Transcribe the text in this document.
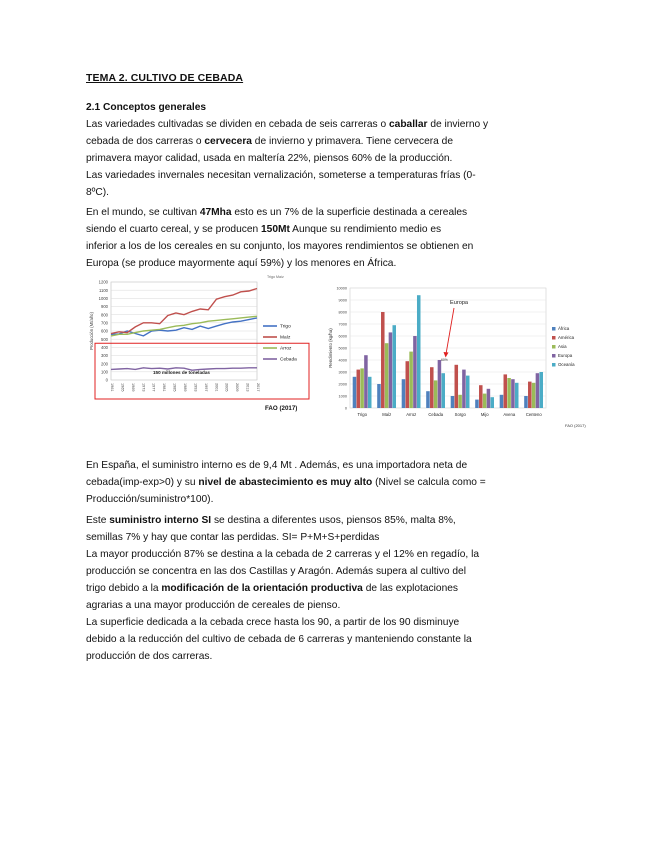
TEMA 2. CULTIVO DE CEBADA
2.1 Conceptos generales
Las variedades cultivadas se dividen en cebada de seis carreras o caballar de invierno y
cebada de dos carreras o cervecera de invierno y primavera. Tiene cervecera de
primavera mayor calidad, usada en maltería 22%, piensos 60% de la producción.
Las variedades invernales necesitan vernalización, someterse a temperaturas frías (0-
8ºC).
En el mundo, se cultivan 47Mha esto es un 7% de la superficie destinada a cereales
siendo el cuarto cereal, y se producen 150Mt Aunque su rendimiento medio es
inferior a los de los cereales en su conjunto, los mayores rendimientos se obtienen en
Europa (se produce mayormente aquí 59%) y los menores en África.
0
100
200
300
400
500
600
700
800
900
1000
1100
1200
1961 1965 1969 1973 1977 1981 1985 1989 1993 1997 2001 2005 2009 2013 2017
Producción (Mt/año)	Trigo
Maíz
Arroz
Cebada
150 millones de toneladas
FAO (2017)
Trigo Maíz
0
1000
2000
3000
4000
5000
6000
7000
8000
9000
10000
Rendimiento (kg/ha)
Trigo	Maíz	Arroz	Cebada	Sorgo	Mijo	Avena	Centeno
África
América
Asia
Europa
Oceanía
Europa
60%
FAO (2017)
En España, el suministro interno es de 9,4 Mt . Además, es una importadora neta de
cebada(imp-exp>0) y su nivel de abastecimiento es muy alto (Nivel se calcula como =
Producción/suministro*100).
Este suministro interno SI se destina a diferentes usos, piensos 85%, malta 8%,
semillas 7% y hay que contar las perdidas. SI= P+M+S+perdidas
La mayor producción 87% se destina a la cebada de 2 carreras y el 12% en regadío, la
producción se concentra en las dos Castillas y Aragón. Además supera al cultivo del
trigo debido a la modificación de la orientación productiva de las explotaciones
agrarias a una mayor producción de cereales de pienso.
La superficie dedicada a la cebada crece hasta los 90, a partir de los 90 disminuye
debido a la reducción del cultivo de cebada de 6 carreras y manteniendo constante la
producción de dos carreras.
